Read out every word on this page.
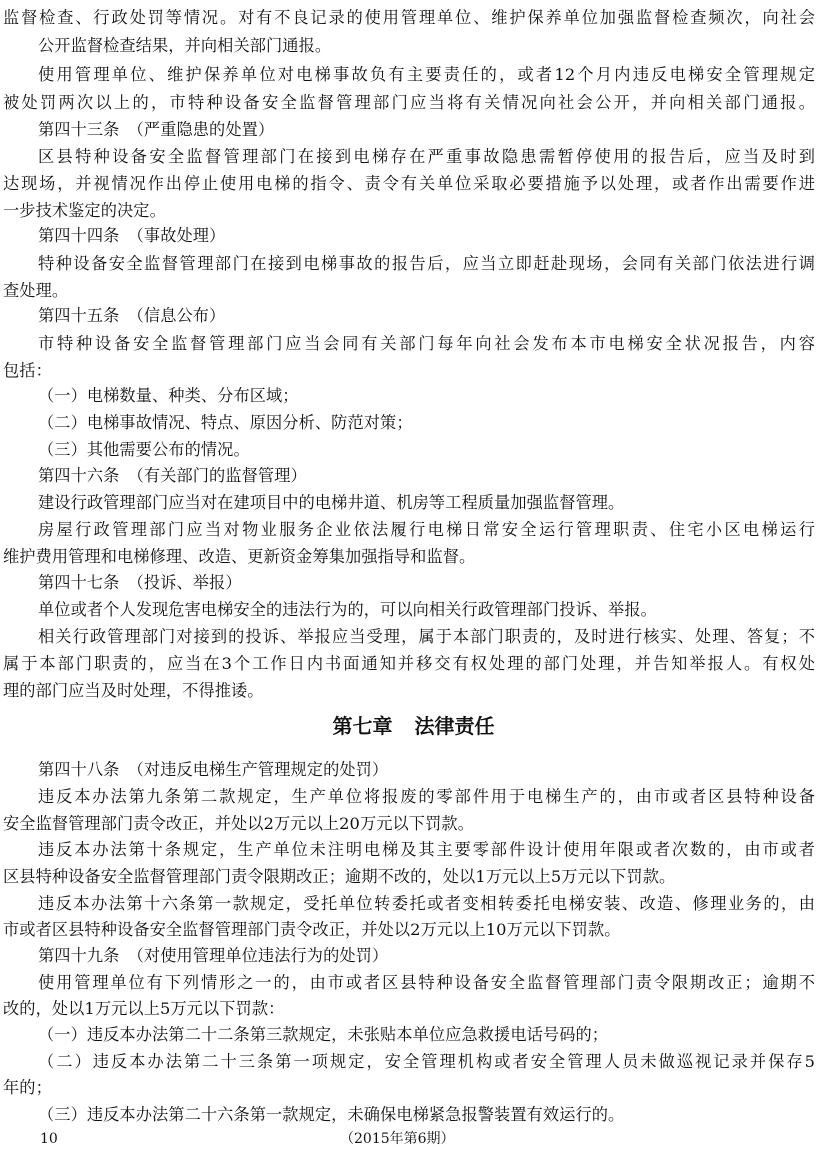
监督检查、行政处罚等情况。对有不良记录的使用管理单位、维护保养单位加强监督检查频次，向社会
公开监督检查结果，并向相关部门通报。
使用管理单位、维护保养单位对电梯事故负有主要责任的，或者12个月内违反电梯安全管理规定
被处罚两次以上的，市特种设备安全监督管理部门应当将有关情况向社会公开，并向相关部门通报。
第四十三条　（严重隐患的处置）
区县特种设备安全监督管理部门在接到电梯存在严重事故隐患需暂停使用的报告后，应当及时到
达现场，并视情况作出停止使用电梯的指令、责令有关单位采取必要措施予以处理，或者作出需要作进
一步技术鉴定的决定。
第四十四条　（事故处理）
特种设备安全监督管理部门在接到电梯事故的报告后，应当立即赶赴现场，会同有关部门依法进行调
查处理。
第四十五条　（信息公布）
市特种设备安全监督管理部门应当会同有关部门每年向社会发布本市电梯安全状况报告，内容
包括：
（一）电梯数量、种类、分布区域；
（二）电梯事故情况、特点、原因分析、防范对策；
（三）其他需要公布的情况。
第四十六条　（有关部门的监督管理）
建设行政管理部门应当对在建项目中的电梯井道、机房等工程质量加强监督管理。
房屋行政管理部门应当对物业服务企业依法履行电梯日常安全运行管理职责、住宅小区电梯运行
维护费用管理和电梯修理、改造、更新资金筹集加强指导和监督。
第四十七条　（投诉、举报）
单位或者个人发现危害电梯安全的违法行为的，可以向相关行政管理部门投诉、举报。
相关行政管理部门对接到的投诉、举报应当受理，属于本部门职责的，及时进行核实、处理、答复；不
属于本部门职责的，应当在3个工作日内书面通知并移交有权处理的部门处理，并告知举报人。有权处
理的部门应当及时处理，不得推诿。
第七章 法律责任
第四十八条　（对违反电梯生产管理规定的处罚）
违反本办法第九条第二款规定，生产单位将报废的零部件用于电梯生产的，由市或者区县特种设备
安全监督管理部门责令改正，并处以2万元以上20万元以下罚款。
违反本办法第十条规定，生产单位未注明电梯及其主要零部件设计使用年限或者次数的，由市或者
区县特种设备安全监督管理部门责令限期改正；逾期不改的，处以1万元以上5万元以下罚款。
违反本办法第十六条第一款规定，受托单位转委托或者变相转委托电梯安装、改造、修理业务的，由
市或者区县特种设备安全监督管理部门责令改正，并处以2万元以上10万元以下罚款。
第四十九条　（对使用管理单位违法行为的处罚）
使用管理单位有下列情形之一的，由市或者区县特种设备安全监督管理部门责令限期改正；逾期不
改的，处以1万元以上5万元以下罚款：
（一）违反本办法第二十二条第三款规定，未张贴本单位应急救援电话号码的；
（二）违反本办法第二十三条第一项规定，安全管理机构或者安全管理人员未做巡视记录并保存5
年的；
（三）违反本办法第二十六条第一款规定，未确保电梯紧急报警装置有效运行的。
10	（2015年第6期）
